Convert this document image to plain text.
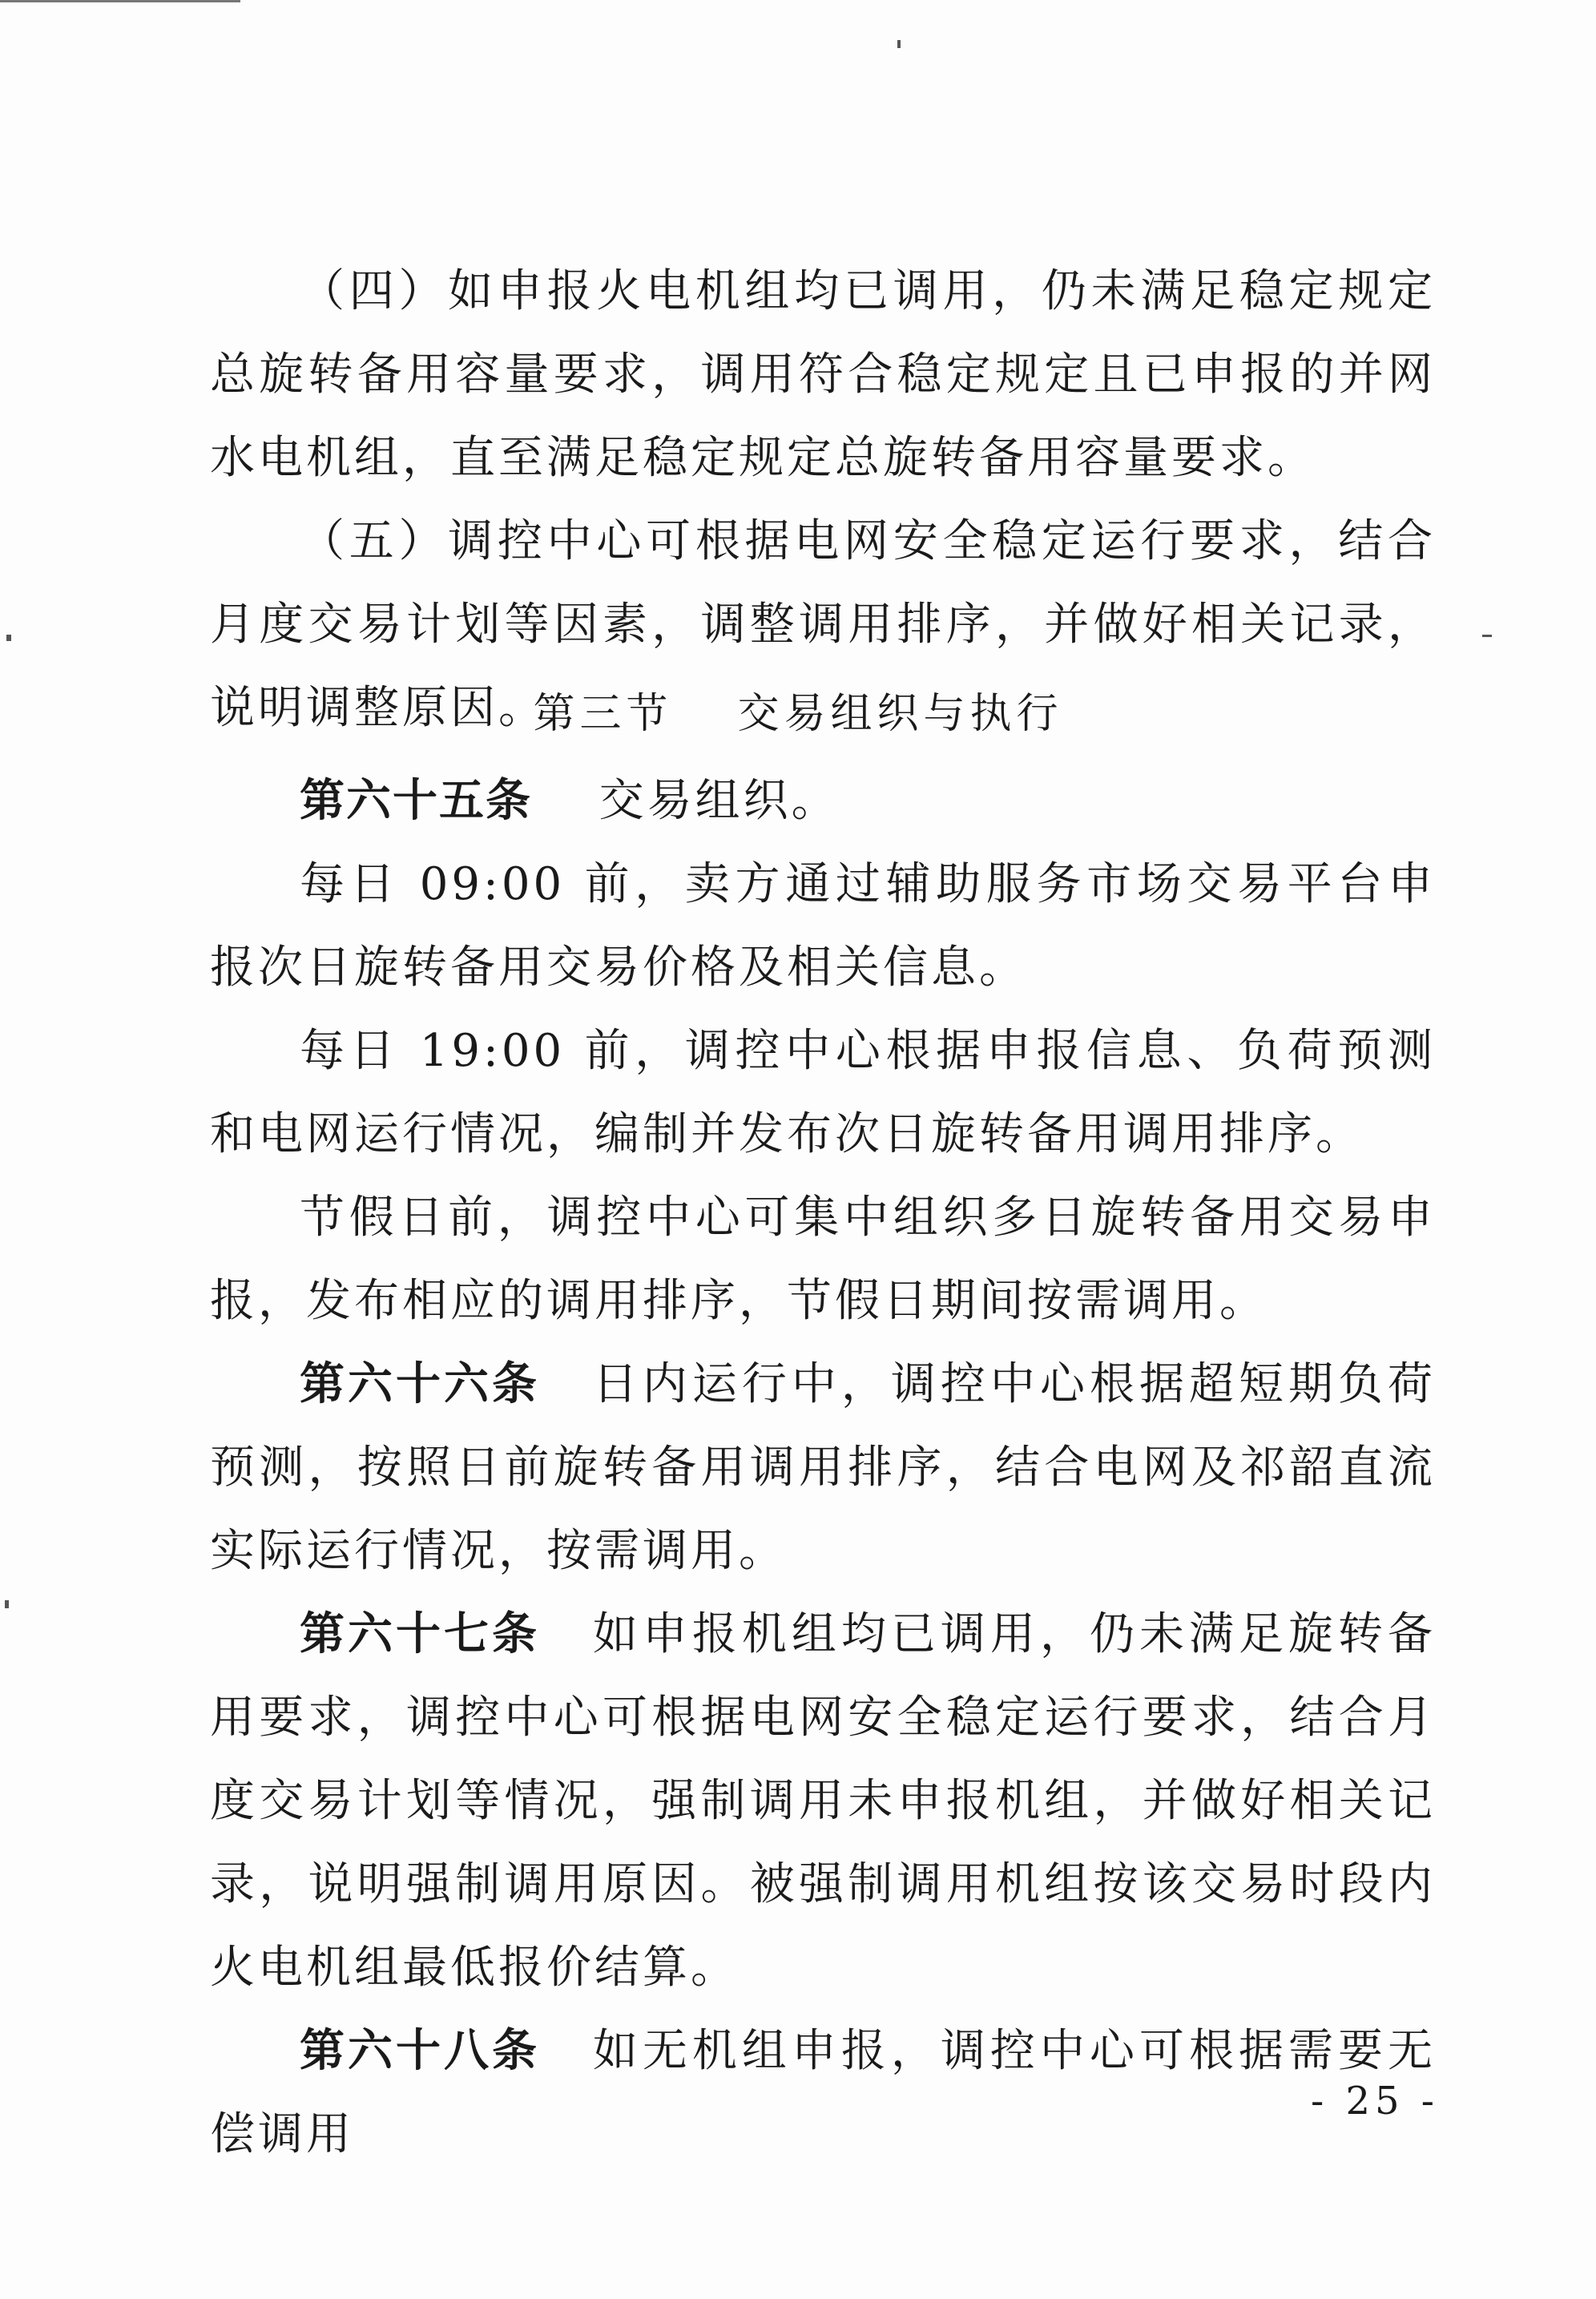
（四）如申报火电机组均已调用，仍未满足稳定规定总旋转备用容量要求，调用符合稳定规定且已申报的并网水电机组，直至满足稳定规定总旋转备用容量要求。

（五）调控中心可根据电网安全稳定运行要求，结合月度交易计划等因素，调整调用排序，并做好相关记录，说明调整原因。

第三节 交易组织与执行

第六十五条 交易组织。

每日 09:00 前，卖方通过辅助服务市场交易平台申报次日旋转备用交易价格及相关信息。

每日 19:00 前，调控中心根据申报信息、负荷预测和电网运行情况，编制并发布次日旋转备用调用排序。

节假日前，调控中心可集中组织多日旋转备用交易申报，发布相应的调用排序，节假日期间按需调用。

第六十六条 日内运行中，调控中心根据超短期负荷预测，按照日前旋转备用调用排序，结合电网及祁韶直流实际运行情况，按需调用。

第六十七条 如申报机组均已调用，仍未满足旋转备用要求，调控中心可根据电网安全稳定运行要求，结合月度交易计划等情况，强制调用未申报机组，并做好相关记录，说明强制调用原因。被强制调用机组按该交易时段内火电机组最低报价结算。

第六十八条 如无机组申报，调控中心可根据需要无偿调用

- 25 -
